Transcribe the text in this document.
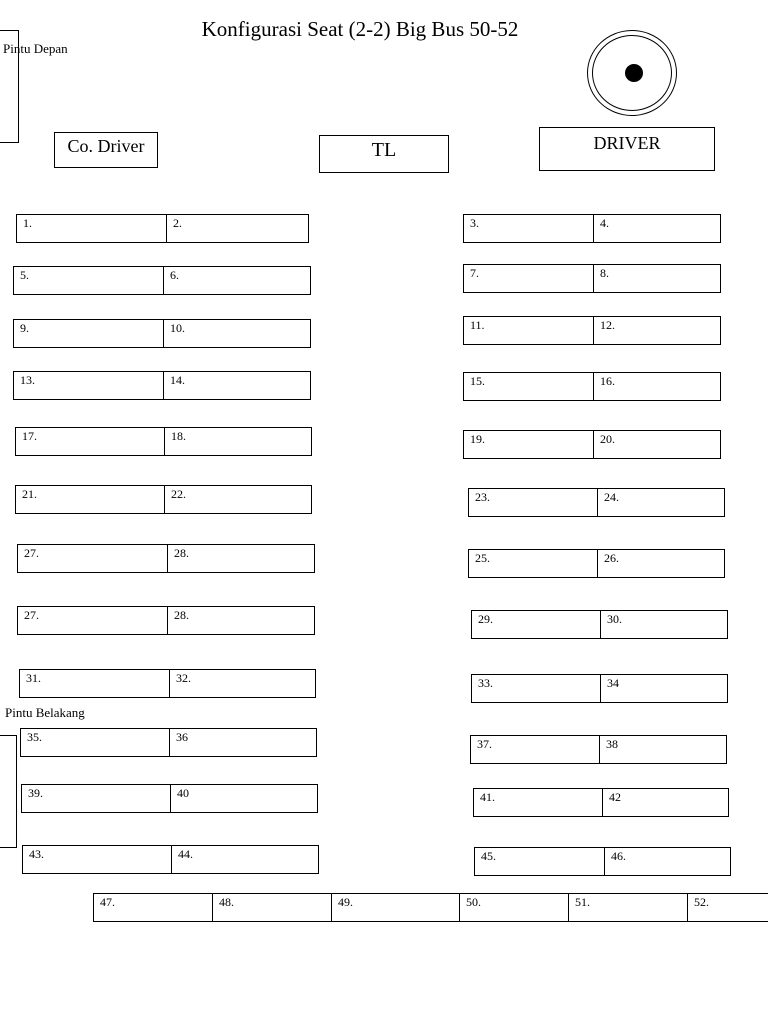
Konfigurasi Seat (2-2) Big Bus 50-52
Pintu Depan
Co. Driver	TL	DRIVER
Pintu Belakang
1.	2.
5.	6.
9.	10.
13.	14.
17.	18.
21.	22.
27.	28.
27.	28.
31.	32.
35.	36
39.	40
43.	44.
3.	4.
7.	8.
11.	12.
15.	16.
19.	20.
23.	24.
25.	26.
29.	30.
33.	34
37.	38
41.	42
45.	46.
47.	48.	49.	50.	51.	52.
